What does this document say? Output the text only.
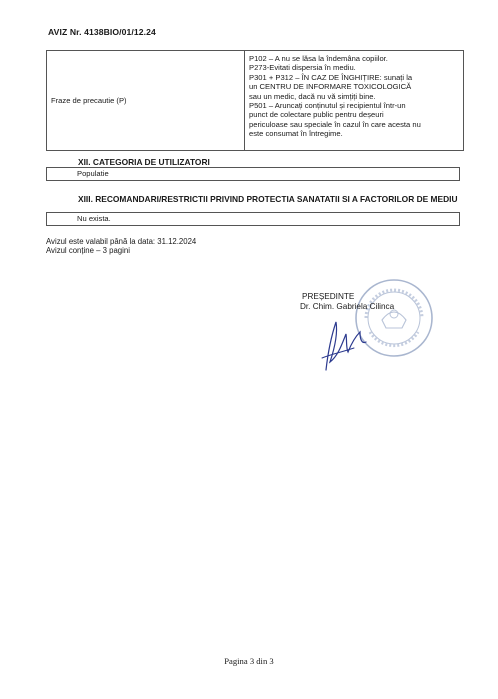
AVIZ Nr. 4138BIO/01/12.24
Fraze de precautie (P)
P102 – A nu se lăsa la îndemâna copiilor.
P273-Evitati dispersia în mediu.
P301 + P312 – ÎN CAZ DE ÎNGHIȚIRE: sunați la
un CENTRU DE INFORMARE TOXICOLOGICĂ
sau un medic, dacă nu vă simțiți bine.
P501 – Aruncați conținutul și recipientul într-un
punct de colectare public pentru deșeuri
periculoase sau speciale în cazul în care acesta nu
este consumat în întregime.
XII. CATEGORIA DE UTILIZATORI
Populatie
XIII. RECOMANDARI/RESTRICTII PRIVIND PROTECTIA SANATATII SI A FACTORILOR DE MEDIU
Nu exista.
Avizul este valabil până la data: 31.12.2024
Avizul conține – 3 pagini
PREȘEDINTE
Dr. Chim. Gabriela Cilinca
Pagina 3 din 3
